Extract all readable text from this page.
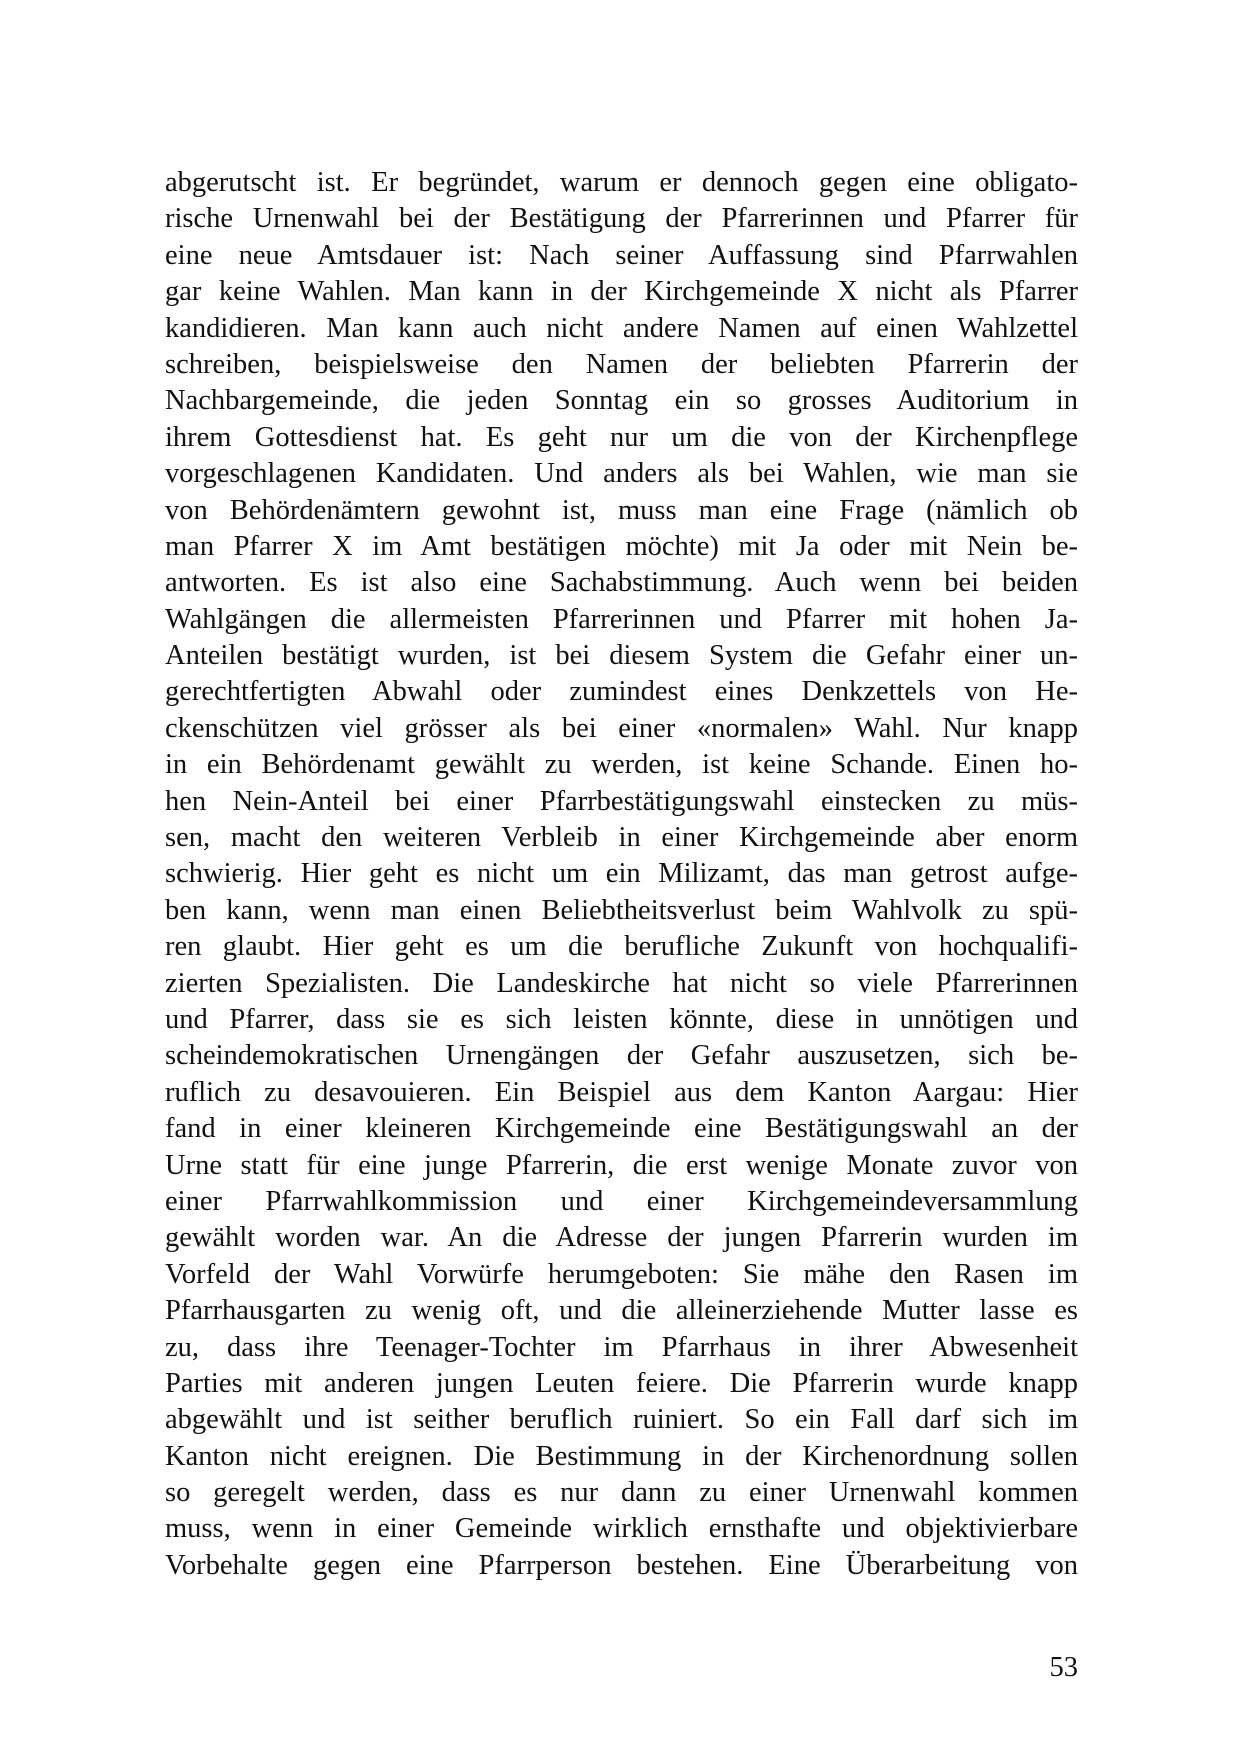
abgerutscht ist. Er begründet, warum er dennoch gegen eine obligato-
rische Urnenwahl bei der Bestätigung der Pfarrerinnen und Pfarrer für
eine neue Amtsdauer ist: Nach seiner Auffassung sind Pfarrwahlen
gar keine Wahlen. Man kann in der Kirchgemeinde X nicht als Pfarrer
kandidieren. Man kann auch nicht andere Namen auf einen Wahlzettel
schreiben, beispielsweise den Namen der beliebten Pfarrerin der
Nachbargemeinde, die jeden Sonntag ein so grosses Auditorium in
ihrem Gottesdienst hat. Es geht nur um die von der Kirchenpflege
vorgeschlagenen Kandidaten. Und anders als bei Wahlen, wie man sie
von Behördenämtern gewohnt ist, muss man eine Frage (nämlich ob
man Pfarrer X im Amt bestätigen möchte) mit Ja oder mit Nein be-
antworten. Es ist also eine Sachabstimmung. Auch wenn bei beiden
Wahlgängen die allermeisten Pfarrerinnen und Pfarrer mit hohen Ja-
Anteilen bestätigt wurden, ist bei diesem System die Gefahr einer un-
gerechtfertigten Abwahl oder zumindest eines Denkzettels von He-
ckenschützen viel grösser als bei einer «normalen» Wahl. Nur knapp
in ein Behördenamt gewählt zu werden, ist keine Schande. Einen ho-
hen Nein-Anteil bei einer Pfarrbestätigungswahl einstecken zu müs-
sen, macht den weiteren Verbleib in einer Kirchgemeinde aber enorm
schwierig. Hier geht es nicht um ein Milizamt, das man getrost aufge-
ben kann, wenn man einen Beliebtheitsverlust beim Wahlvolk zu spü-
ren glaubt. Hier geht es um die berufliche Zukunft von hochqualifi-
zierten Spezialisten. Die Landeskirche hat nicht so viele Pfarrerinnen
und Pfarrer, dass sie es sich leisten könnte, diese in unnötigen und
scheindemokratischen Urnengängen der Gefahr auszusetzen, sich be-
ruflich zu desavouieren. Ein Beispiel aus dem Kanton Aargau: Hier
fand in einer kleineren Kirchgemeinde eine Bestätigungswahl an der
Urne statt für eine junge Pfarrerin, die erst wenige Monate zuvor von
einer Pfarrwahlkommission und einer Kirchgemeindeversammlung
gewählt worden war. An die Adresse der jungen Pfarrerin wurden im
Vorfeld der Wahl Vorwürfe herumgeboten: Sie mähe den Rasen im
Pfarrhausgarten zu wenig oft, und die alleinerziehende Mutter lasse es
zu, dass ihre Teenager-Tochter im Pfarrhaus in ihrer Abwesenheit
Parties mit anderen jungen Leuten feiere. Die Pfarrerin wurde knapp
abgewählt und ist seither beruflich ruiniert. So ein Fall darf sich im
Kanton nicht ereignen. Die Bestimmung in der Kirchenordnung sollen
so geregelt werden, dass es nur dann zu einer Urnenwahl kommen
muss, wenn in einer Gemeinde wirklich ernsthafte und objektivierbare
Vorbehalte gegen eine Pfarrperson bestehen. Eine Überarbeitung von
53
